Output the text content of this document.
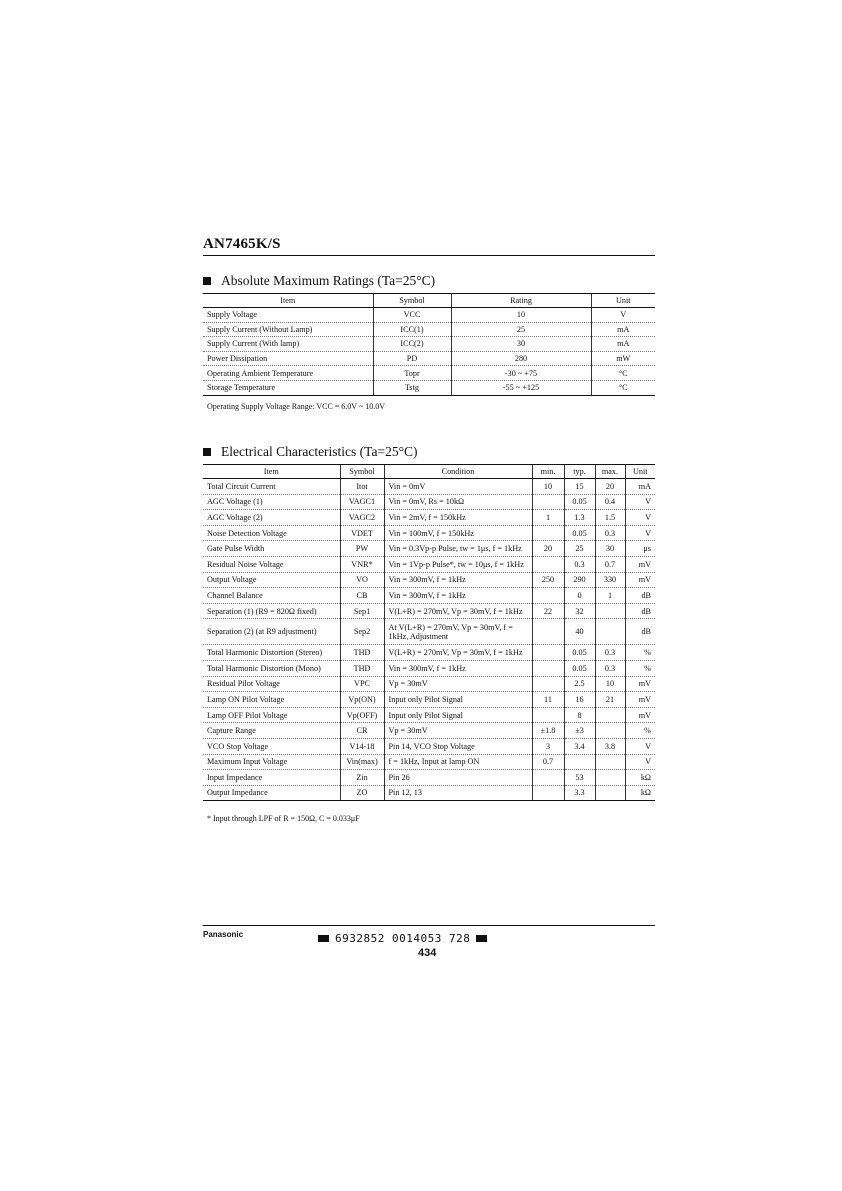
AN7465K/S
Absolute Maximum Ratings (Ta=25°C)
Item	Symbol	Rating	Unit
Supply Voltage	VCC	10	V
Supply Current (Without Lamp)	ICC(1)	25	mA
Supply Current (With lamp)	ICC(2)	30	mA
Power Dissipation	PD	280	mW
Operating Ambient Temperature	Topr	-30 ~ +75	°C
Storage Temperature	Tstg	-55 ~ +125	°C
Operating Supply Voltage Range: VCC = 6.0V ~ 10.0V
Electrical Characteristics (Ta=25°C)
Item	Symbol	Condition	min.	typ.	max.	Unit
Total Circuit Current	Itot	Vin = 0mV	10	15	20	mA
AGC Voltage (1)	VAGC1	Vin = 0mV, Rs = 10kΩ		0.05	0.4	V
AGC Voltage (2)	VAGC2	Vin = 2mV, f = 150kHz	1	1.3	1.5	V
Noise Detection Voltage	VDET	Vin = 100mV, f = 150kHz		0.05	0.3	V
Gate Pulse Width	PW	Vin = 0.3Vp-p Pulse, tw = 1μs, f = 1kHz	20	25	30	μs
Residual Noise Voltage	VNR*	Vin = 1Vp-p Pulse*, tw = 10μs, f = 1kHz		0.3	0.7	mV
Output Voltage	VO	Vin = 300mV, f = 1kHz	250	290	330	mV
Channel Balance	CB	Vin = 300mV, f = 1kHz		0	1	dB
Separation (1) (R9 = 820Ω fixed)	Sep1	V(L+R) = 270mV, Vp = 30mV, f = 1kHz	22	32		dB
Separation (2) (at R9 adjustment)	Sep2	At V(L+R) = 270mV, Vp = 30mV, f = 1kHz, Adjustment		40		dB
Total Harmonic Distortion (Stereo)	THD	V(L+R) = 270mV, Vp = 30mV, f = 1kHz		0.05	0.3	%
Total Harmonic Distortion (Mono)	THD	Vin = 300mV, f = 1kHz		0.05	0.3	%
Residual Pilot Voltage	VPC	Vp = 30mV		2.5	10	mV
Lamp ON Pilot Voltage	Vp(ON)	Input only Pilot Signal	11	16	21	mV
Lamp OFF Pilot Voltage	Vp(OFF)	Input only Pilot Signal		8		mV
Capture Range	CR	Vp = 30mV	±1.8	±3		%
VCO Stop Voltage	V14-18	Pin 14, VCO Stop Voltage	3	3.4	3.8	V
Maximum Input Voltage	Vin(max)	f = 1kHz, Input at lamp ON	0.7			V
Input Impedance	Zin	Pin 26		53		kΩ
Output Impedance	ZO	Pin 12, 13		3.3		kΩ
* Input through LPF of R = 150Ω, C = 0.033μF
Panasonic	6932852 0014053 728
434
